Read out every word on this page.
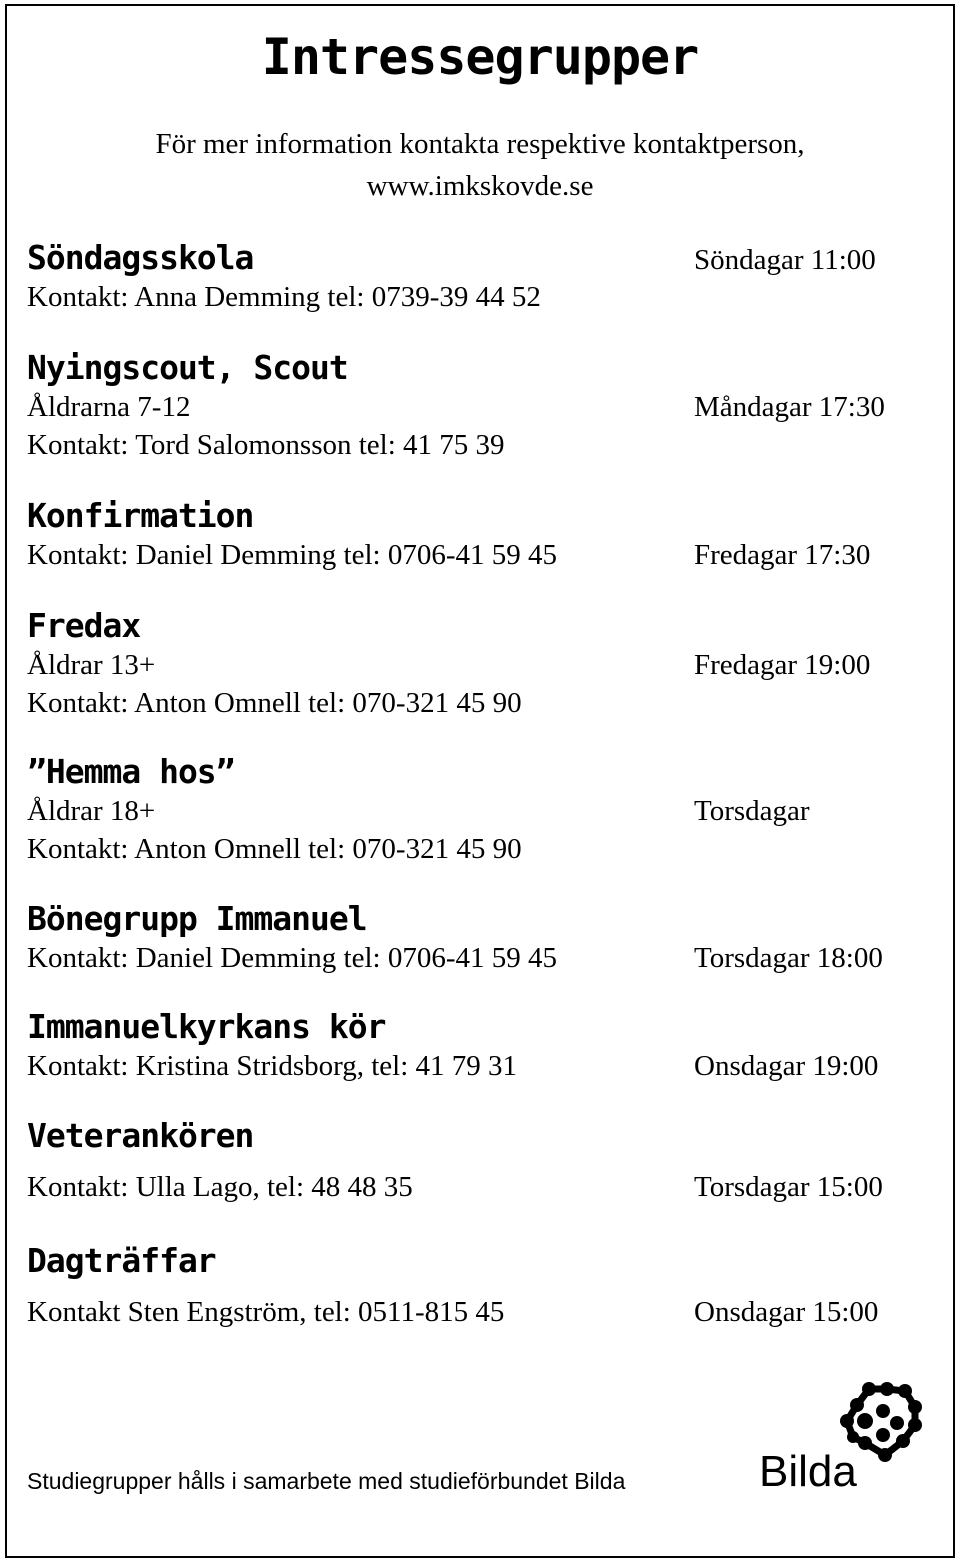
Intressegrupper
För mer information kontakta respektive kontaktperson,
www.imkskovde.se
Söndagsskola	Söndagar 11:00
Kontakt: Anna Demming tel: 0739-39 44 52
Nyingscout, Scout
Åldrarna 7-12	Måndagar 17:30
Kontakt: Tord Salomonsson tel: 41 75 39
Konfirmation
Kontakt: Daniel Demming tel: 0706-41 59 45	Fredagar 17:30
Fredax
Åldrar 13+	Fredagar 19:00
Kontakt: Anton Omnell tel: 070-321 45 90
”Hemma hos”
Åldrar 18+	Torsdagar
Kontakt: Anton Omnell tel: 070-321 45 90
Bönegrupp Immanuel
Kontakt: Daniel Demming tel: 0706-41 59 45	Torsdagar 18:00
Immanuelkyrkans kör
Kontakt: Kristina Stridsborg, tel: 41 79 31	Onsdagar 19:00
Veterankören
Kontakt: Ulla Lago, tel: 48 48 35	Torsdagar 15:00
Dagträffar
Kontakt Sten Engström, tel: 0511-815 45	Onsdagar 15:00
Studiegrupper hålls i samarbete med studieförbundet Bilda	Bilda
